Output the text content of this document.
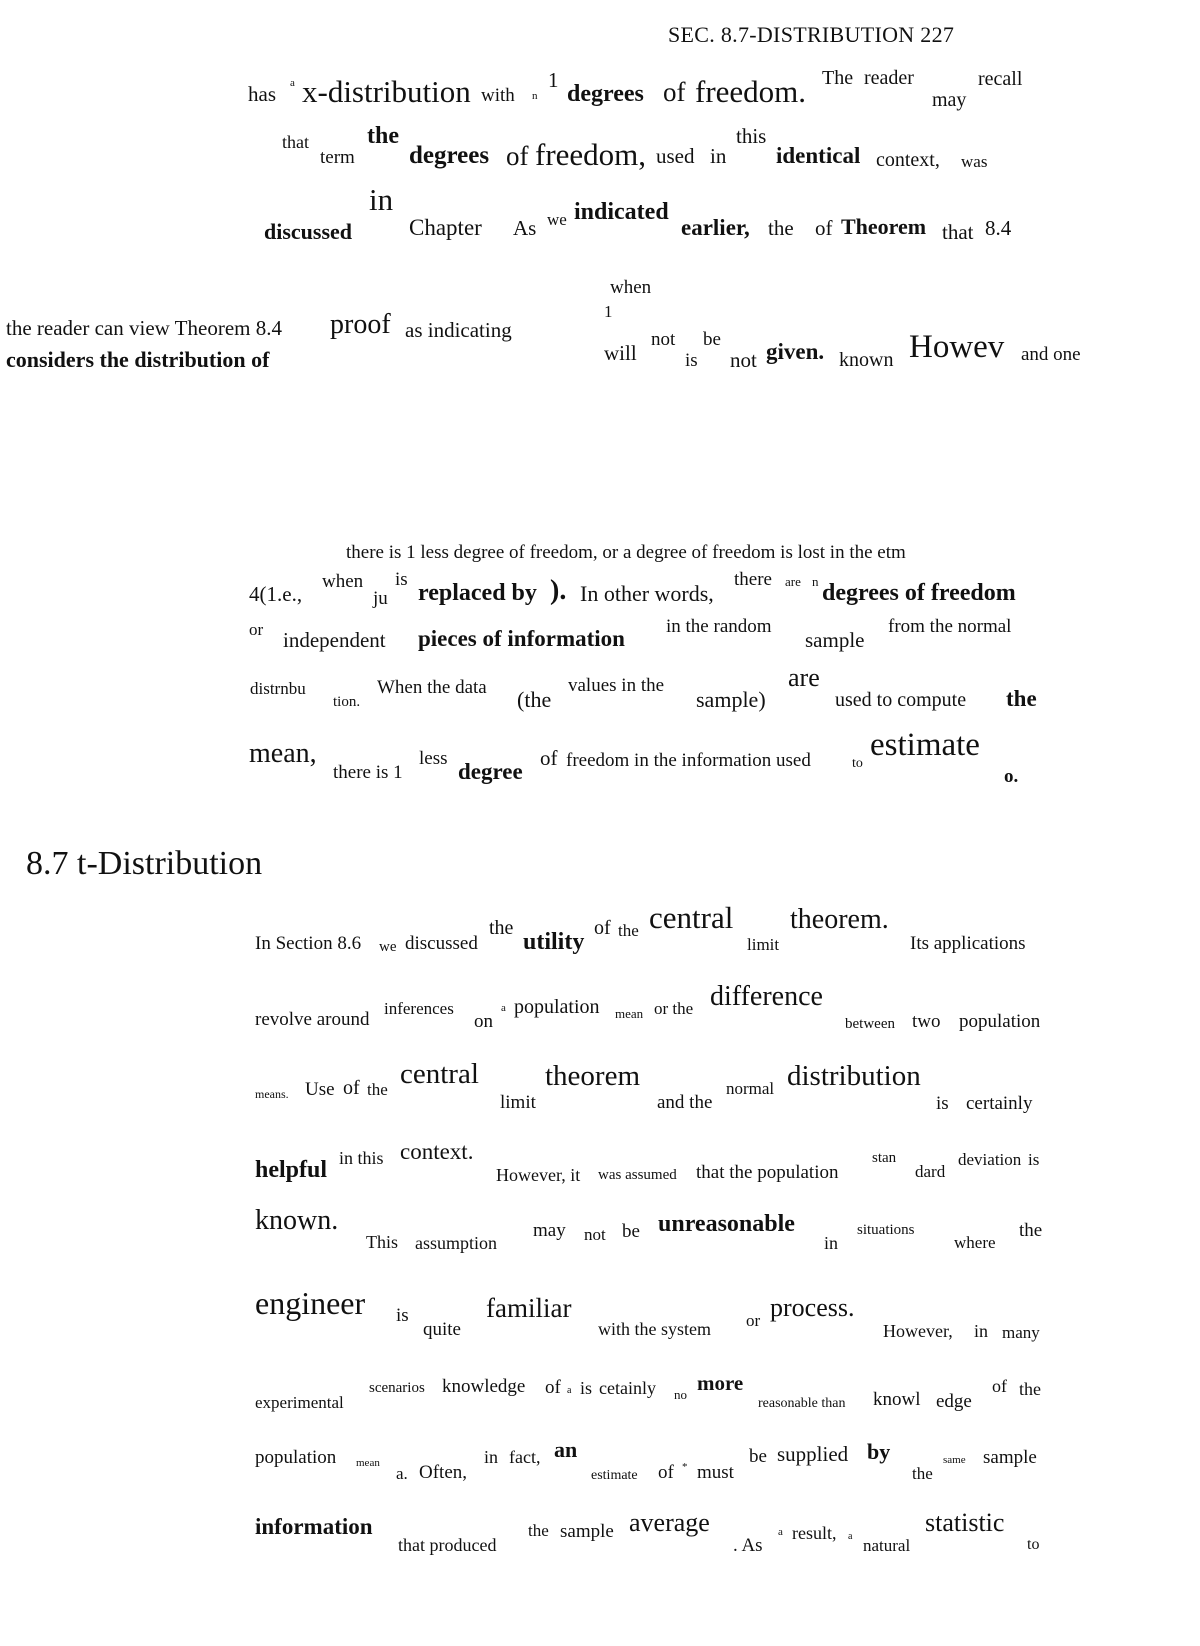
SEC. 8.7-DISTRIBUTION 227
has a x-distribution with n
1
degrees of freedom. The reader
may
recall
that
term
the
degrees of freedom, used in
this
identical context, was
in
discussed Chapter As we indicated
earlier, the of Theorem that 8.4
the reader can view Theorem 8.4 proof as indicating
considers the distribution of
when
1
will
not be
is not given. known Howev and one
there is 1 less degree of freedom, or a degree of freedom is lost in the etm
4(1.e.,
when
ju
is
replaced by ). In other words,
there are n degrees of freedom
or independent pieces of information in the random
sample
from the normal
distrnbu
tion.
When the data (the
values in the
sample)
are
used to compute the
mean,
there is 1
less
degree
of freedom in the information used	to
estimate
o.
8.7 t-Distribution
In Section 8.6 we discussed
the
utility
of the central
limit
theorem.
Its applications
revolve around
inferences
on
a population mean or the difference
between two population
means. Use of the central
limit
theorem
and the
normal distribution
is certainly
helpful in this context.
However, it was assumed that the population
stan
dard
deviation is
known.
This assumption
may not be unreasonable
in
situations
where
the
engineer is
quite
familiar
with the system or process.
However, in many
experimental
scenarios knowledge of a is cetainly no more
reasonable than knowl edge
of the
population mean
a. Often,
in fact, an
estimate of * must
be supplied by
the
same sample
information
that produced
the sample average
. As
a result, a natural
statistic
to
